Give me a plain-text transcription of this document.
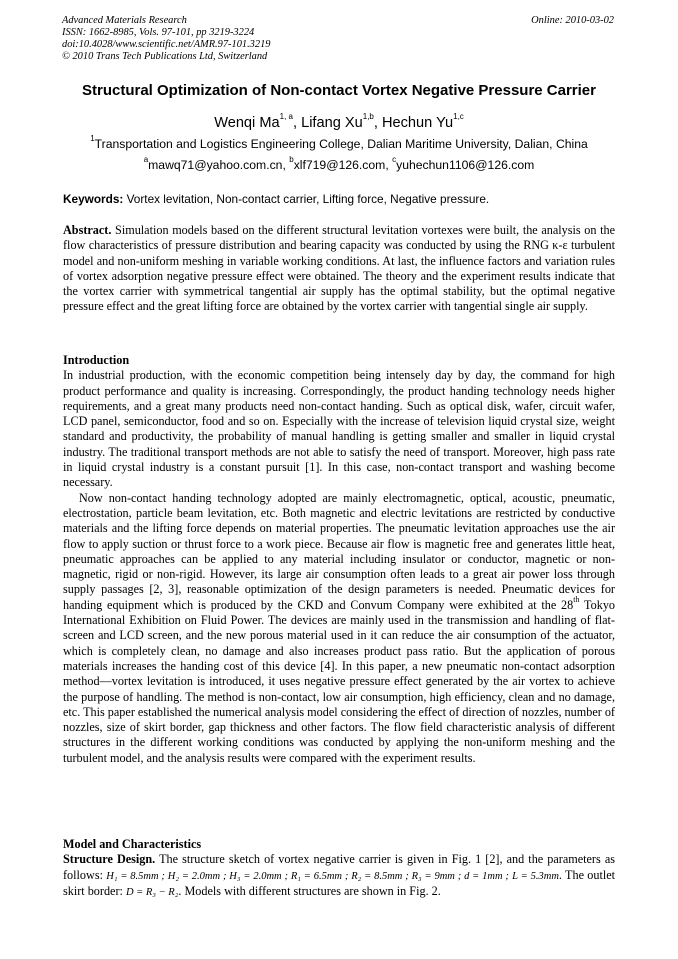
Advanced Materials Research
ISSN: 1662-8985, Vols. 97-101, pp 3219-3224
doi:10.4028/www.scientific.net/AMR.97-101.3219
© 2010 Trans Tech Publications Ltd, Switzerland
Online: 2010-03-02
Structural Optimization of Non-contact Vortex Negative Pressure Carrier
Wenqi Ma$^{1, a}$, Lifang Xu$^{1,b}$, Hechun Yu$^{1,c}$
$^1$Transportation and Logistics Engineering College, Dalian Maritime University, Dalian, China
$^a$mawq71@yahoo.com.cn, $^b$xlf719@126.com, $^c$yuhechun1106@126.com
Keywords: Vortex levitation, Non-contact carrier, Lifting force, Negative pressure.

Abstract. Simulation models based on the different structural levitation vortexes were built, the analysis on the flow characteristics of pressure distribution and bearing capacity was conducted by using the RNG κ-ε turbulent model and non-uniform meshing in variable working conditions. At last, the influence factors and variation rules of vortex adsorption negative pressure effect were obtained. The theory and the experiment results indicate that the vortex carrier with symmetrical tangential air supply has the optimal stability, but the optimal negative pressure effect and the great lifting force are obtained by the vortex carrier with tangential single air supply.

Introduction

In industrial production, with the economic competition being intensely day by day, the command for high product performance and quality is increasing. Correspondingly, the product handing technology needs higher requirements, and a great many products need non-contact handing. Such as optical disk, wafer, circuit wafer, LCD panel, semiconductor, food and so on. Especially with the increase of television liquid crystal size, weight standard and productivity, the probability of manual handling is getting smaller and smaller in liquid crystal industry. The traditional transport methods are not able to satisfy the need of transport. Moreover, high pass rate in liquid crystal industry is a constant pursuit [1]. In this case, non-contact transport and washing become necessary.

Now non-contact handing technology adopted are mainly electromagnetic, optical, acoustic, pneumatic, electrostation, particle beam levitation, etc. Both magnetic and electric levitations are restricted by conductive materials and the lifting force depends on material properties. The pneumatic levitation approaches use the air flow to apply suction or thrust force to a work piece. Because air flow is magnetic free and generates little heat, pneumatic approaches can be applied to any material including insulator or conductor, magnetic or non-magnetic, rigid or non-rigid. However, its large air consumption often leads to a great air power loss through supply passages [2, 3], reasonable optimization of the design parameters is needed. Pneumatic devices for handing equipment which is produced by the CKD and Convum Company were exhibited at the 28th Tokyo International Exhibition on Fluid Power. The devices are mainly used in the transmission and handling of flat-screen and LCD screen, and the new porous material used in it can reduce the air consumption of the actuator, which is completely clean, no damage and also increases product pass ratio. But the application of porous materials increases the handing cost of this device [4]. In this paper, a new pneumatic non-contact adsorption method—vortex levitation is introduced, it uses negative pressure effect generated by the air vortex to achieve the purpose of handling. The method is non-contact, low air consumption, high efficiency, clean and no damage, etc. This paper established the numerical analysis model considering the effect of direction of nozzles, number of nozzles, size of skirt border, gap thickness and other factors. The flow field characteristic analysis of different structures in the different working conditions was conducted by applying the non-uniform meshing and the turbulent model, and the analysis results were compared with the experiment results.

Model and Characteristics

Structure Design. The structure sketch of vortex negative carrier is given in Fig. 1 [2], and the parameters as follows: H₁ = 8.5mm ; H₂ = 2.0mm ; H₃ = 2.0mm ; R₁ = 6.5mm ; R₂ = 8.5mm ; R₃ = 9mm ; d = 1mm ; L = 5.3mm. The outlet skirt border: D = R₃ − R₂. Models with different structures are shown in Fig. 2.
